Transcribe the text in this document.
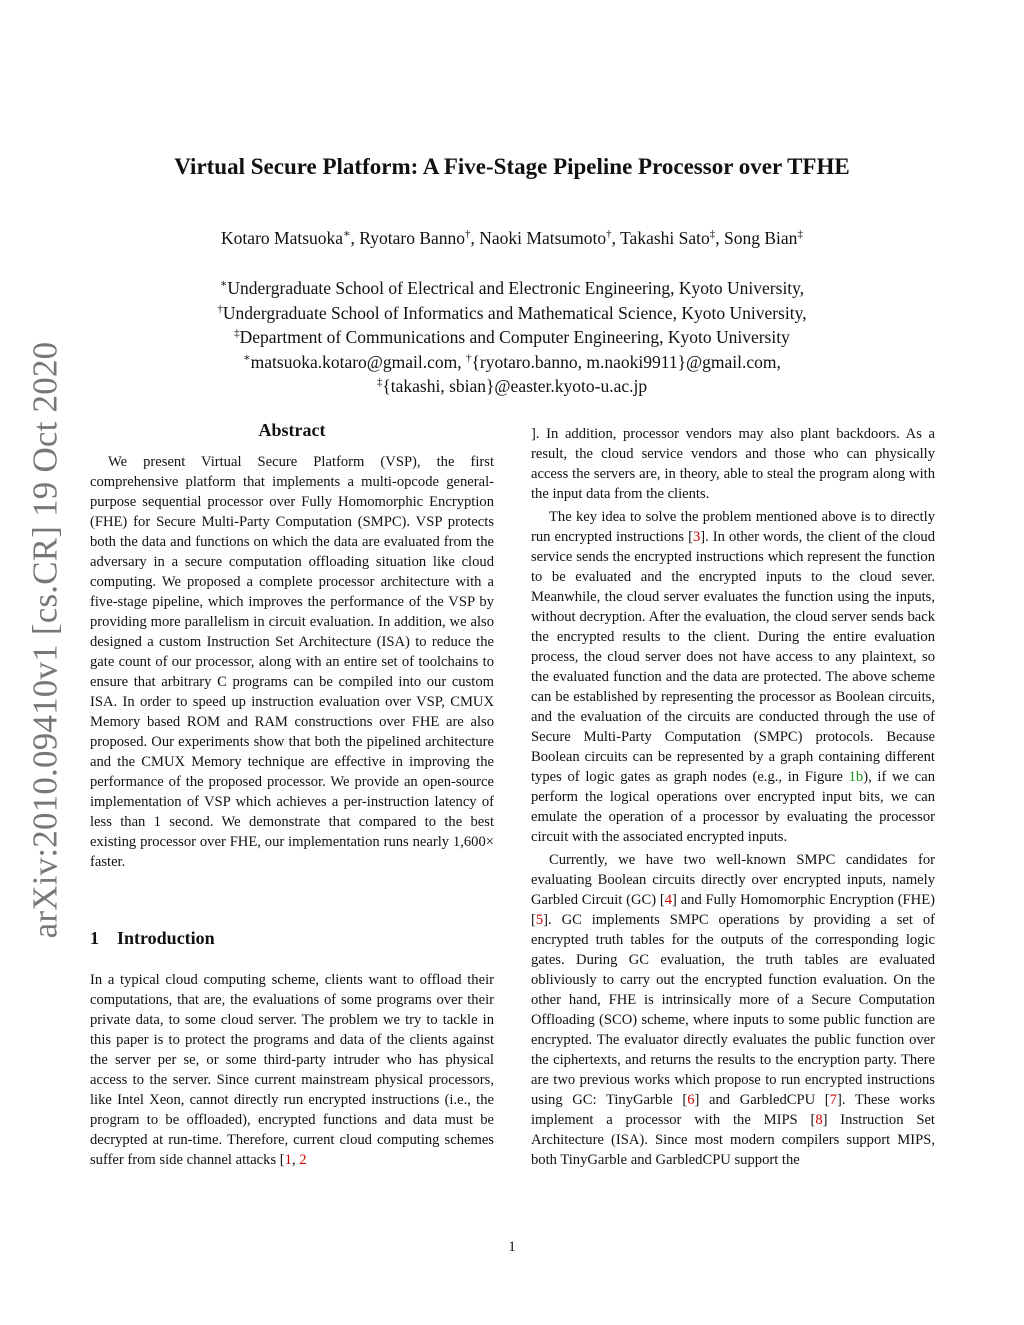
arXiv:2010.09410v1 [cs.CR] 19 Oct 2020
Virtual Secure Platform: A Five-Stage Pipeline Processor over TFHE
Kotaro Matsuoka∗, Ryotaro Banno†, Naoki Matsumoto†, Takashi Sato‡, Song Bian‡
∗Undergraduate School of Electrical and Electronic Engineering, Kyoto University,
†Undergraduate School of Informatics and Mathematical Science, Kyoto University,
‡Department of Communications and Computer Engineering, Kyoto University
∗matsuoka.kotaro@gmail.com, †{ryotaro.banno, m.naoki9911}@gmail.com,
‡{takashi, sbian}@easter.kyoto-u.ac.jp
Abstract

We present Virtual Secure Platform (VSP), the first comprehensive platform that implements a multi-opcode general-purpose sequential processor over Fully Homomorphic Encryption (FHE) for Secure Multi-Party Computation (SMPC). VSP protects both the data and functions on which the data are evaluated from the adversary in a secure computation offloading situation like cloud computing. We proposed a complete processor architecture with a five-stage pipeline, which improves the performance of the VSP by providing more parallelism in circuit evaluation. In addition, we also designed a custom Instruction Set Architecture (ISA) to reduce the gate count of our processor, along with an entire set of toolchains to ensure that arbitrary C programs can be compiled into our custom ISA. In order to speed up instruction evaluation over VSP, CMUX Memory based ROM and RAM constructions over FHE are also proposed. Our experiments show that both the pipelined architecture and the CMUX Memory technique are effective in improving the performance of the proposed processor. We provide an open-source implementation of VSP which achieves a per-instruction latency of less than 1 second. We demonstrate that compared to the best existing processor over FHE, our implementation runs nearly 1,600× faster.

1 Introduction

In a typical cloud computing scheme, clients want to offload their computations, that are, the evaluations of some programs over their private data, to some cloud server. The problem we try to tackle in this paper is to protect the programs and data of the clients against the server per se, or some third-party intruder who has physical access to the server. Since current mainstream physical processors, like Intel Xeon, cannot directly run encrypted instructions (i.e., the program to be offloaded), encrypted functions and data must be decrypted at run-time. Therefore, current cloud computing schemes suffer from side channel attacks [1, 2

]. In addition, processor vendors may also plant backdoors. As a result, the cloud service vendors and those who can physically access the servers are, in theory, able to steal the program along with the input data from the clients.

The key idea to solve the problem mentioned above is to directly run encrypted instructions [3]. In other words, the client of the cloud service sends the encrypted instructions which represent the function to be evaluated and the encrypted inputs to the cloud sever. Meanwhile, the cloud server evaluates the function using the inputs, without decryption. After the evaluation, the cloud server sends back the encrypted results to the client. During the entire evaluation process, the cloud server does not have access to any plaintext, so the evaluated function and the data are protected. The above scheme can be established by representing the processor as Boolean circuits, and the evaluation of the circuits are conducted through the use of Secure Multi-Party Computation (SMPC) protocols. Because Boolean circuits can be represented by a graph containing different types of logic gates as graph nodes (e.g., in Figure 1b), if we can perform the logical operations over encrypted input bits, we can emulate the operation of a processor by evaluating the processor circuit with the associated encrypted inputs.

Currently, we have two well-known SMPC candidates for evaluating Boolean circuits directly over encrypted inputs, namely Garbled Circuit (GC) [4] and Fully Homomorphic Encryption (FHE) [5]. GC implements SMPC operations by providing a set of encrypted truth tables for the outputs of the corresponding logic gates. During GC evaluation, the truth tables are evaluated obliviously to carry out the encrypted function evaluation. On the other hand, FHE is intrinsically more of a Secure Computation Offloading (SCO) scheme, where inputs to some public function are encrypted. The evaluator directly evaluates the public function over the ciphertexts, and returns the results to the encryption party. There are two previous works which propose to run encrypted instructions using GC: TinyGarble [6] and GarbledCPU [7]. These works implement a processor with the MIPS [8] Instruction Set Architecture (ISA). Since most modern compilers support MIPS, both TinyGarble and GarbledCPU support the

1
